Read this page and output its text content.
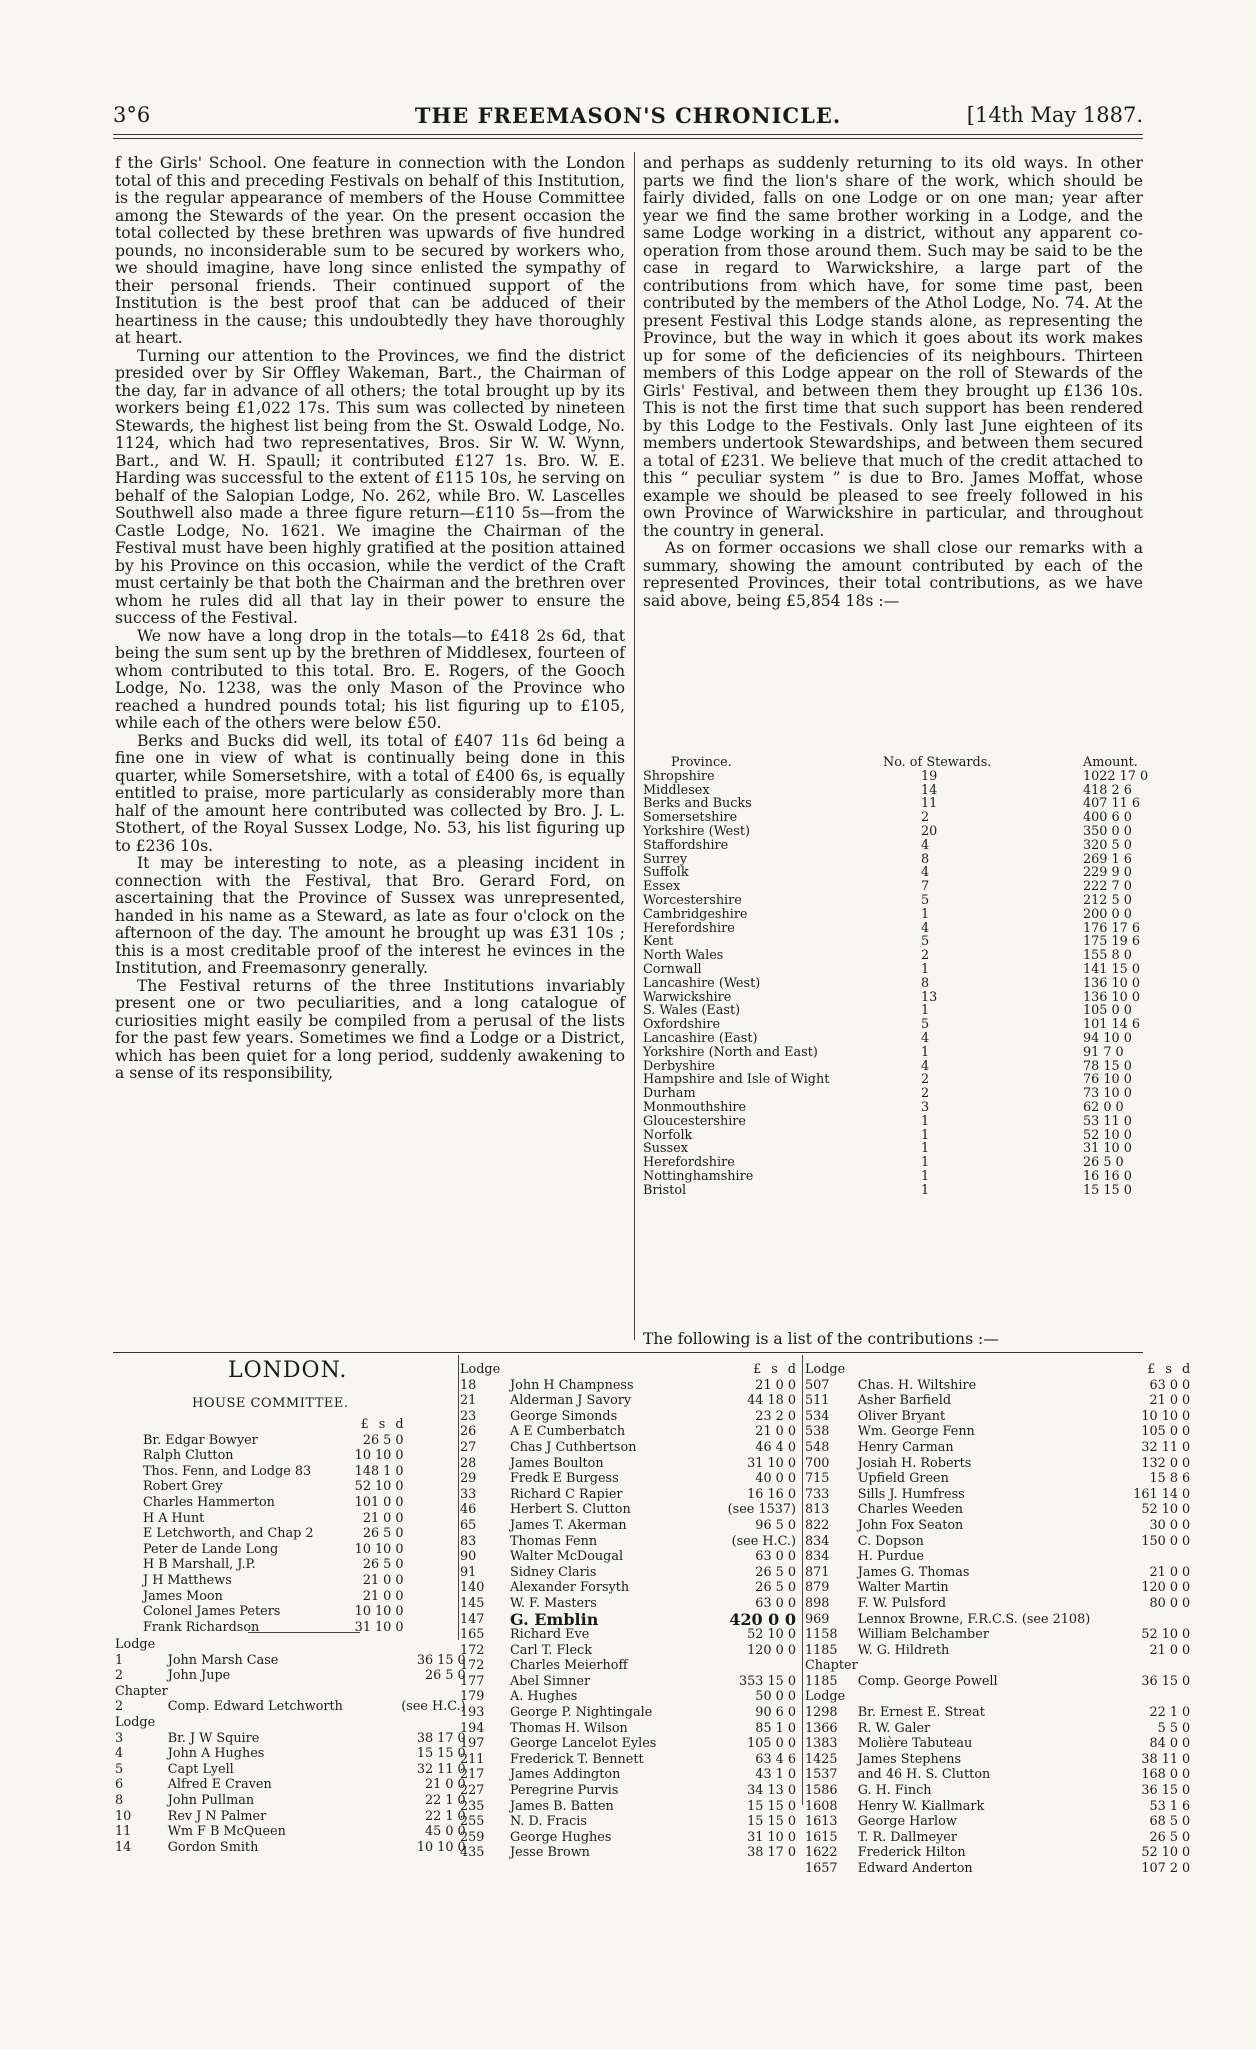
3°6	THE FREEMASON'S CHRONICLE.	[14th May 1887.

f the Girls' School. One feature in connection with the London total of this and preceding Festivals on behalf of this Institution, is the regular appearance of members of the House Committee among the Stewards of the year. On the present occasion the total collected by these brethren was upwards of five hundred pounds, no inconsiderable sum to be secured by workers who, we should imagine, have long since enlisted the sympathy of their personal friends. Their continued support of the Institution is the best proof that can be adduced of their heartiness in the cause; this undoubtedly they have thoroughly at heart.

Turning our attention to the Provinces, we find the district presided over by Sir Offley Wakeman, Bart., the Chairman of the day, far in advance of all others; the total brought up by its workers being £1,022 17s. This sum was collected by nineteen Stewards, the highest list being from the St. Oswald Lodge, No. 1124, which had two representatives, Bros. Sir W. W. Wynn, Bart., and W. H. Spaull; it contributed £127 1s. Bro. W. E. Harding was successful to the extent of £115 10s, he serving on behalf of the Salopian Lodge, No. 262, while Bro. W. Lascelles Southwell also made a three figure return—£110 5s—from the Castle Lodge, No. 1621. We imagine the Chairman of the Festival must have been highly gratified at the position attained by his Province on this occasion, while the verdict of the Craft must certainly be that both the Chairman and the brethren over whom he rules did all that lay in their power to ensure the success of the Festival.

We now have a long drop in the totals—to £418 2s 6d, that being the sum sent up by the brethren of Middlesex, fourteen of whom contributed to this total. Bro. E. Rogers, of the Gooch Lodge, No. 1238, was the only Mason of the Province who reached a hundred pounds total; his list figuring up to £105, while each of the others were below £50.

Berks and Bucks did well, its total of £407 11s 6d being a fine one in view of what is continually being done in this quarter, while Somersetshire, with a total of £400 6s, is equally entitled to praise, more particularly as considerably more than half of the amount here contributed was collected by Bro. J. L. Stothert, of the Royal Sussex Lodge, No. 53, his list figuring up to £236 10s.

It may be interesting to note, as a pleasing incident in connection with the Festival, that Bro. Gerard Ford, on ascertaining that the Province of Sussex was unrepresented, handed in his name as a Steward, as late as four o'clock on the afternoon of the day. The amount he brought up was £31 10s ; this is a most creditable proof of the interest he evinces in the Institution, and Freemasonry generally.

The Festival returns of the three Institutions invariably present one or two peculiarities, and a long catalogue of curiosities might easily be compiled from a perusal of the lists for the past few years. Sometimes we find a Lodge or a District, which has been quiet for a long period, suddenly awakening to a sense of its responsibility,

and perhaps as suddenly returning to its old ways. In other parts we find the lion's share of the work, which should be fairly divided, falls on one Lodge or on one man; year after year we find the same brother working in a Lodge, and the same Lodge working in a district, without any apparent co-operation from those around them. Such may be said to be the case in regard to Warwickshire, a large part of the contributions from which have, for some time past, been contributed by the members of the Athol Lodge, No. 74. At the present Festival this Lodge stands alone, as representing the Province, but the way in which it goes about its work makes up for some of the deficiencies of its neighbours. Thirteen members of this Lodge appear on the roll of Stewards of the Girls' Festival, and between them they brought up £136 10s. This is not the first time that such support has been rendered by this Lodge to the Festivals. Only last June eighteen of its members undertook Stewardships, and between them secured a total of £231. We believe that much of the credit attached to this “ peculiar system ” is due to Bro. James Moffat, whose example we should be pleased to see freely followed in his own Province of Warwickshire in particular, and throughout the country in general.

As on former occasions we shall close our remarks with a summary, showing the amount contributed by each of the represented Provinces, their total contributions, as we have said above, being £5,854 18s :—

Province.	No. of Stewards.	Amount.
Shropshire	19	1022 17 0
Middlesex	14	418 2 6
Berks and Bucks	11	407 11 6
Somersetshire	2	400 6 0
Yorkshire (West)	20	350 0 0
Staffordshire	4	320 5 0
Surrey	8	269 1 6
Suffolk	4	229 9 0
Essex	7	222 7 0
Worcestershire	5	212 5 0
Cambridgeshire	1	200 0 0
Herefordshire	4	176 17 6
Kent	5	175 19 6
North Wales	2	155 8 0
Cornwall	1	141 15 0
Lancashire (West)	8	136 10 0
Warwickshire	13	136 10 0
S. Wales (East)	1	105 0 0
Oxfordshire	5	101 14 6
Lancashire (East)	4	94 10 0
Yorkshire (North and East)	1	91 7 0
Derbyshire	4	78 15 0
Hampshire and Isle of Wight	2	76 10 0
Durham	2	73 10 0
Monmouthshire	3	62 0 0
Gloucestershire	1	53 11 0
Norfolk	1	52 10 0
Sussex	1	31 10 0
Herefordshire	1	26 5 0
Nottinghamshire	1	16 16 0
Bristol	1	15 15 0
The following is a list of the contributions :—
LONDON.
HOUSE COMMITTEE.
	£ s d
Br. Edgar Bowyer	26 5 0
Ralph Clutton	10 10 0
Thos. Fenn, and Lodge 83	148 1 0
Robert Grey	52 10 0
Charles Hammerton	101 0 0
H A Hunt	21 0 0
E Letchworth, and Chap 2	26 5 0
Peter de Lande Long	10 10 0
H B Marshall, J.P.	26 5 0
J H Matthews	21 0 0
James Moon	21 0 0
Colonel James Peters	10 10 0
Frank Richardson	31 10 0
Lodge		
1	John Marsh Case	36 15 0
2	John Jupe	26 5 0
Chapter		
2	Comp. Edward Letchworth	(see H.C.)
Lodge		
3	Br. J W Squire	38 17 0
4	John A Hughes	15 15 0
5	Capt Lyell	32 11 0
6	Alfred E Craven	21 0 0
8	John Pullman	22 1 0
10	Rev J N Palmer	22 1 0
11	Wm F B McQueen	45 0 0
14	Gordon Smith	10 10 0
Lodge		£ s d
18	John H Champness	21 0 0
21	Alderman J Savory	44 18 0
23	George Simonds	23 2 0
26	A E Cumberbatch	21 0 0
27	Chas J Cuthbertson	46 4 0
28	James Boulton	31 10 0
29	Fredk E Burgess	40 0 0
33	Richard C Rapier	16 16 0
46	Herbert S. Clutton	(see 1537)
65	James T. Akerman	96 5 0
83	Thomas Fenn	(see H.C.)
90	Walter McDougal	63 0 0
91	Sidney Claris	26 5 0
140	Alexander Forsyth	26 5 0
145	W. F. Masters	63 0 0
147	G. Emblin	420 0 0
165	Richard Eve	52 10 0
172	Carl T. Fleck	120 0 0
172	Charles Meierhoff	
177	Abel Simner	353 15 0
179	A. Hughes	50 0 0
193	George P. Nightingale	90 6 0
194	Thomas H. Wilson	85 1 0
197	George Lancelot Eyles	105 0 0
211	Frederick T. Bennett	63 4 6
217	James Addington	43 1 0
227	Peregrine Purvis	34 13 0
235	James B. Batten	15 15 0
255	N. D. Fracis	15 15 0
259	George Hughes	31 10 0
435	Jesse Brown	38 17 0
Lodge		£ s d
507	Chas. H. Wiltshire	63 0 0
511	Asher Barfield	21 0 0
534	Oliver Bryant	10 10 0
538	Wm. George Fenn	105 0 0
548	Henry Carman	32 11 0
700	Josiah H. Roberts	132 0 0
715	Upfield Green	15 8 6
733	Sills J. Humfress	161 14 0
813	Charles Weeden	52 10 0
822	John Fox Seaton	30 0 0
834	C. Dopson	150 0 0
834	H. Purdue	
871	James G. Thomas	21 0 0
879	Walter Martin	120 0 0
898	F. W. Pulsford	80 0 0
969	Lennox Browne, F.R.C.S. (see 2108)	
1158	William Belchamber	52 10 0
1185	W. G. Hildreth	21 0 0
Chapter		
1185	Comp. George Powell	36 15 0
Lodge		
1298	Br. Ernest E. Streat	22 1 0
1366	R. W. Galer	5 5 0
1383	Molière Tabuteau	84 0 0
1425	James Stephens	38 11 0
1537	and 46 H. S. Clutton	168 0 0
1586	G. H. Finch	36 15 0
1608	Henry W. Kiallmark	53 1 6
1613	George Harlow	68 5 0
1615	T. R. Dallmeyer	26 5 0
1622	Frederick Hilton	52 10 0
1657	Edward Anderton	107 2 0
